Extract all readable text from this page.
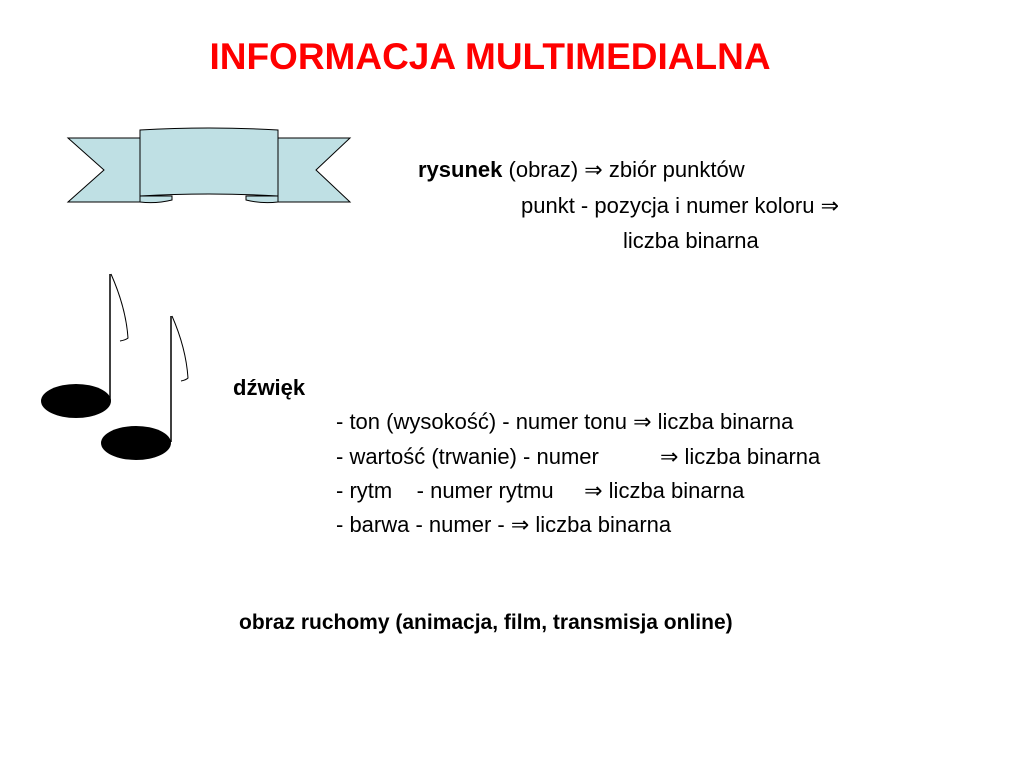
INFORMACJA MULTIMEDIALNA
rysunek (obraz) ⇒ zbiór punktów
punkt - pozycja i numer koloru ⇒
liczba binarna
dźwięk
- ton (wysokość) - numer tonu ⇒ liczba binarna
- wartość (trwanie) - numer          ⇒ liczba binarna
- rytm    - numer rytmu     ⇒ liczba binarna
- barwa - numer - ⇒ liczba binarna
obraz ruchomy (animacja, film, transmisja online)
